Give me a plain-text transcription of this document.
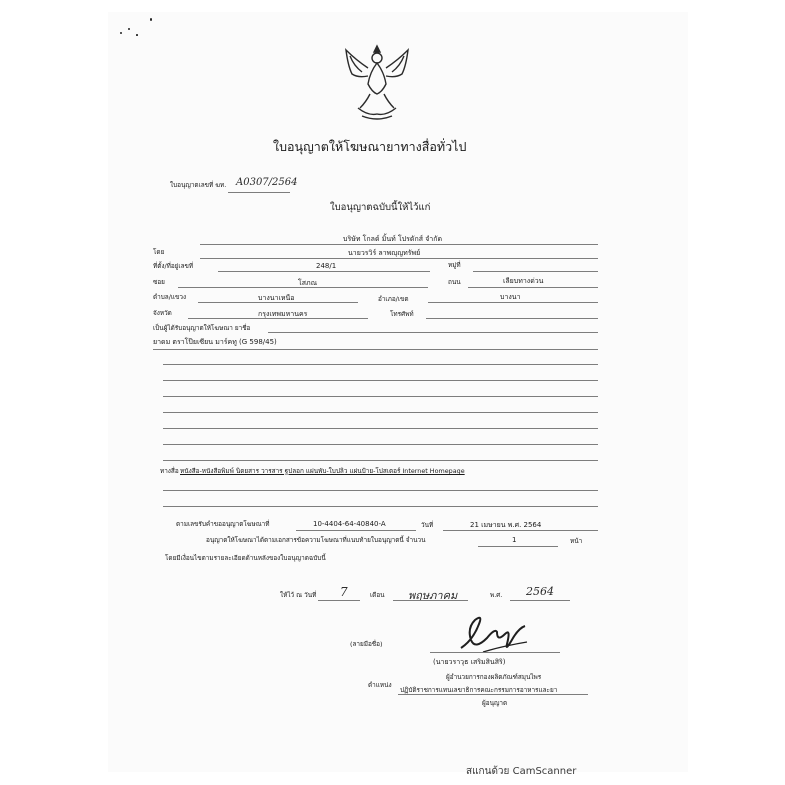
ใบอนุญาตให้โฆษณายาทางสื่อทั่วไป
ใบอนุญาตเลขที่ ฆท. A0307/2564
ใบอนุญาตฉบับนี้ให้ไว้แก่
บริษัท โกลด์ มิ้นท์ โปรดักส์ จำกัด
โดย	นายวรวิร์ ลาพญุญทรัพย์
ที่ตั้ง/ที่อยู่เลขที่	248/1	หมู่ที่
ซอย	โสภณ	ถนน	เลียบทางด่วน
ตำบล/แขวง	บางนาเหนือ	อำเภอ/เขต	บางนา
จังหวัด	กรุงเทพมหานคร	โทรศัพท์
เป็นผู้ได้รับอนุญาตให้โฆษณา ยาชื่อ
ยาดม ตราโป๊ยเซียน มาร์คทู (G 598/45)
ทางสื่อ หนังสือ-หนังสือพิมพ์ นิตยสาร วารสาร ฐปลอก แผ่นพับ-ใบปลิว แผ่นป้าย-โปสเตอร์ Internet Homepage
ตามเลขรับคำขออนุญาตโฆษณาที่	10-4404-64-40840-A	วันที่	21 เมษายน พ.ศ. 2564
อนุญาตให้โฆษณาได้ตามเอกสารข้อความโฆษณาที่แนบท้ายใบอนุญาตนี้ จำนวน	1	หน้า
โดยมีเงื่อนไขตามรายละเอียดด้านหลังของใบอนุญาตฉบับนี้
ให้ไว้ ณ วันที่ 7	เดือน พฤษภาคม	พ.ศ. 2564
(ลายมือชื่อ)
(นายวราวุธ เสริมสินสิริ)
ผู้อำนวยการกองผลิตภัณฑ์สมุนไพร
ตำแหน่ง
ปฏิบัติราชการแทนเลขาธิการคณะกรรมการอาหารและยา
ผู้อนุญาต
สแกนด้วย CamScanner
